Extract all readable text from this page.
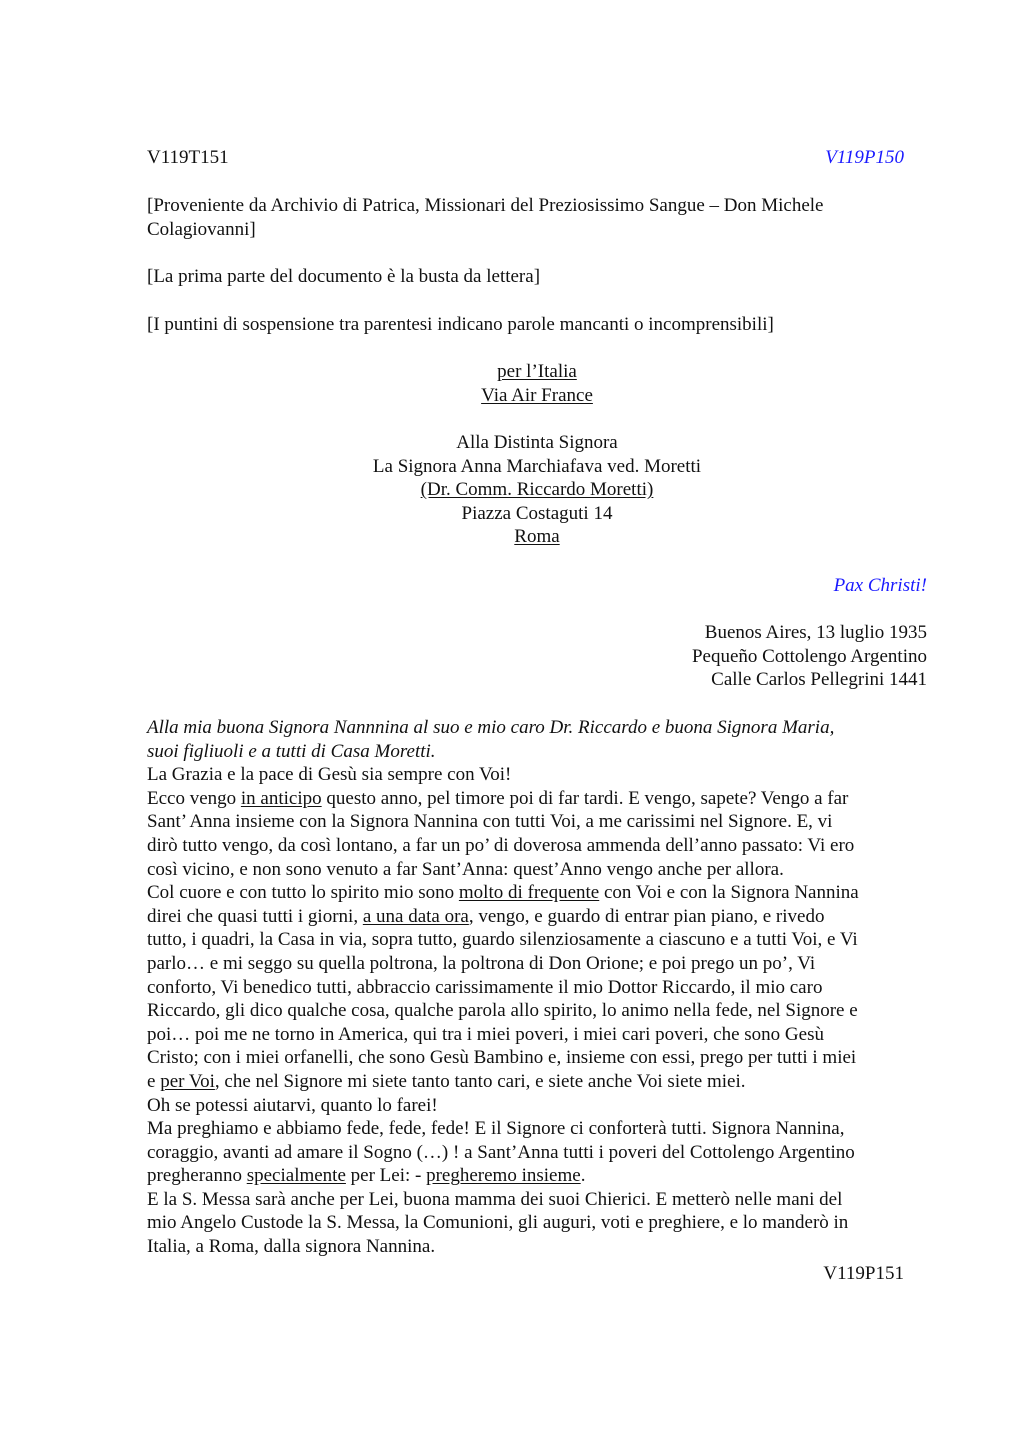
V119T151	V119P150
[Proveniente da Archivio di Patrica, Missionari del Preziosissimo Sangue – Don Michele
Colagiovanni]
[La prima parte del documento è la busta da lettera]
[I puntini di sospensione tra parentesi indicano parole mancanti o incomprensibili]
per l’Italia
Via Air France
Alla Distinta Signora
La Signora Anna Marchiafava ved. Moretti
(Dr. Comm. Riccardo Moretti)
Piazza Costaguti 14
Roma
Pax Christi!
Buenos Aires, 13 luglio 1935
Pequeño Cottolengo Argentino
Calle Carlos Pellegrini 1441
Alla mia buona Signora Nannnina al suo e mio caro Dr. Riccardo e buona Signora Maria,
suoi figliuoli e a tutti di Casa Moretti.
La Grazia e la pace di Gesù sia sempre con Voi!
Ecco vengo in anticipo questo anno, pel timore poi di far tardi. E vengo, sapete? Vengo a far
Sant’ Anna insieme con la Signora Nannina con tutti Voi, a me carissimi nel Signore. E, vi
dirò tutto vengo, da così lontano, a far un po’ di doverosa ammenda dell’anno passato: Vi ero
così vicino, e non sono venuto a far Sant’Anna: quest’Anno vengo anche per allora.
Col cuore e con tutto lo spirito mio sono molto di frequente con Voi e con la Signora Nannina
direi che quasi tutti i giorni, a una data ora, vengo, e guardo di entrar pian piano, e rivedo
tutto, i quadri, la Casa in via, sopra tutto, guardo silenziosamente a ciascuno e a tutti Voi, e Vi
parlo… e mi seggo su quella poltrona, la poltrona di Don Orione; e poi prego un po’, Vi
conforto, Vi benedico tutti, abbraccio carissimamente il mio Dottor Riccardo, il mio caro
Riccardo, gli dico qualche cosa, qualche parola allo spirito, lo animo nella fede, nel Signore e
poi… poi me ne torno in America, qui tra i miei poveri, i miei cari poveri, che sono Gesù
Cristo; con i miei orfanelli, che sono Gesù Bambino e, insieme con essi, prego per tutti i miei
e per Voi, che nel Signore mi siete tanto tanto cari, e siete anche Voi siete miei.
Oh se potessi aiutarvi, quanto lo farei!
Ma preghiamo e abbiamo fede, fede, fede! E il Signore ci conforterà tutti. Signora Nannina,
coraggio, avanti ad amare il Sogno (…) ! a Sant’Anna tutti i poveri del Cottolengo Argentino
pregheranno specialmente per Lei: - pregheremo insieme.
E la S. Messa sarà anche per Lei, buona mamma dei suoi Chierici. E metterò nelle mani del
mio Angelo Custode la S. Messa, la Comunioni, gli auguri, voti e preghiere, e lo manderò in
Italia, a Roma, dalla signora Nannina.
V119P151
